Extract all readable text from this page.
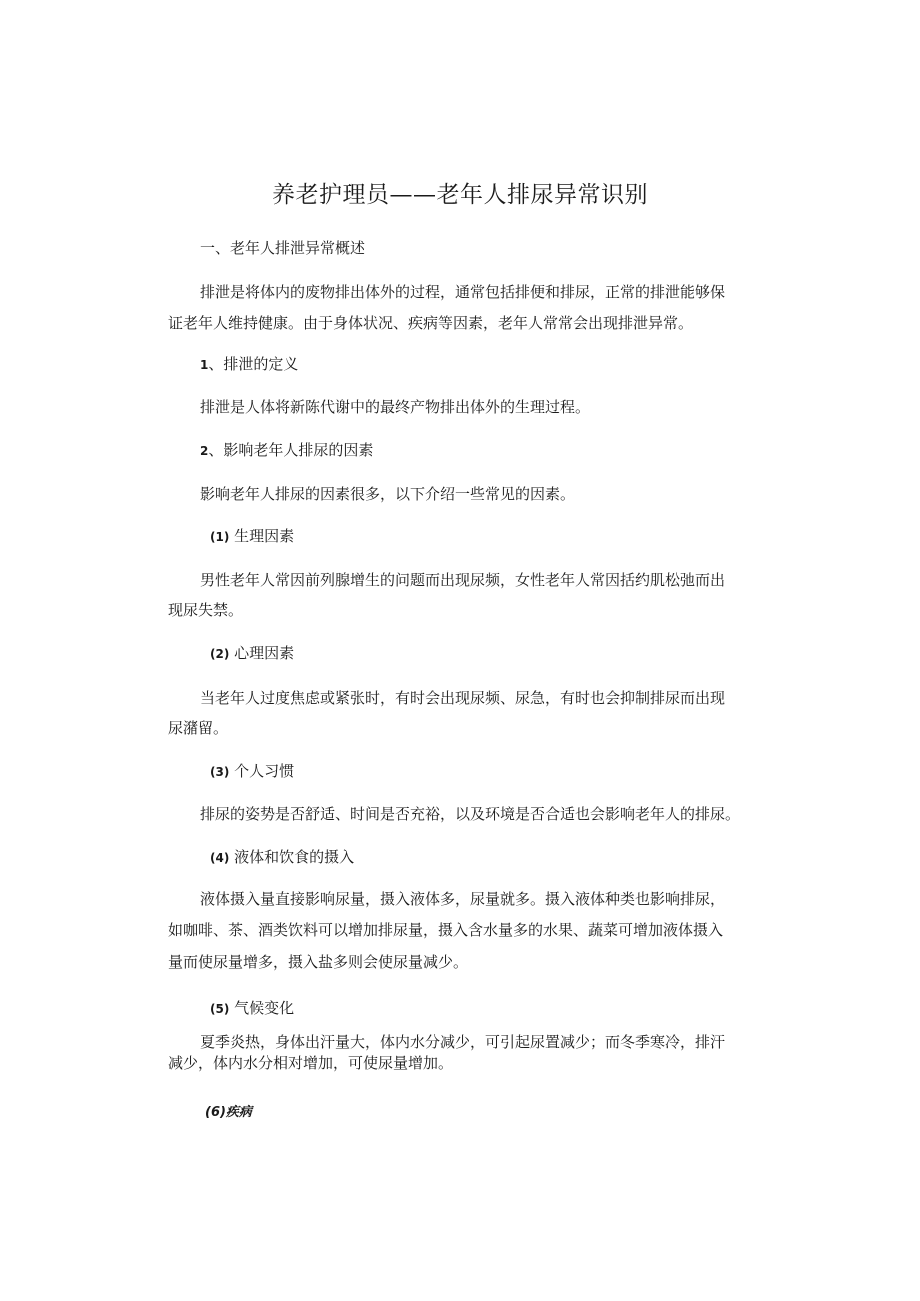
养老护理员——老年人排尿异常识别
一、老年人排泄异常概述
排泄是将体内的废物排出体外的过程，通常包括排便和排尿，正常的排泄能够保
证老年人维持健康。由于身体状况、疾病等因素，老年人常常会出现排泄异常。
1、排泄的定义
排泄是人体将新陈代谢中的最终产物排出体外的生理过程。
2、影响老年人排尿的因素
影响老年人排尿的因素很多，以下介绍一些常见的因素。
(1) 生理因素
男性老年人常因前列腺增生的问题而出现尿频，女性老年人常因括约肌松弛而出
现尿失禁。
(2) 心理因素
当老年人过度焦虑或紧张时，有时会出现尿频、尿急，有时也会抑制排尿而出现
尿潴留。
(3) 个人习惯
排尿的姿势是否舒适、时间是否充裕，以及环境是否合适也会影响老年人的排尿。
(4) 液体和饮食的摄入
液体摄入量直接影响尿量，摄入液体多，尿量就多。摄入液体种类也影响排尿，
如咖啡、茶、酒类饮料可以增加排尿量，摄入含水量多的水果、蔬菜可增加液体摄入
量而使尿量增多，摄入盐多则会使尿量减少。
(5) 气候变化
夏季炎热，身体出汗量大，体内水分减少，可引起尿置减少；而冬季寒冷，排汗
减少，体内水分相对增加，可使尿量增加。
(6)疾病
